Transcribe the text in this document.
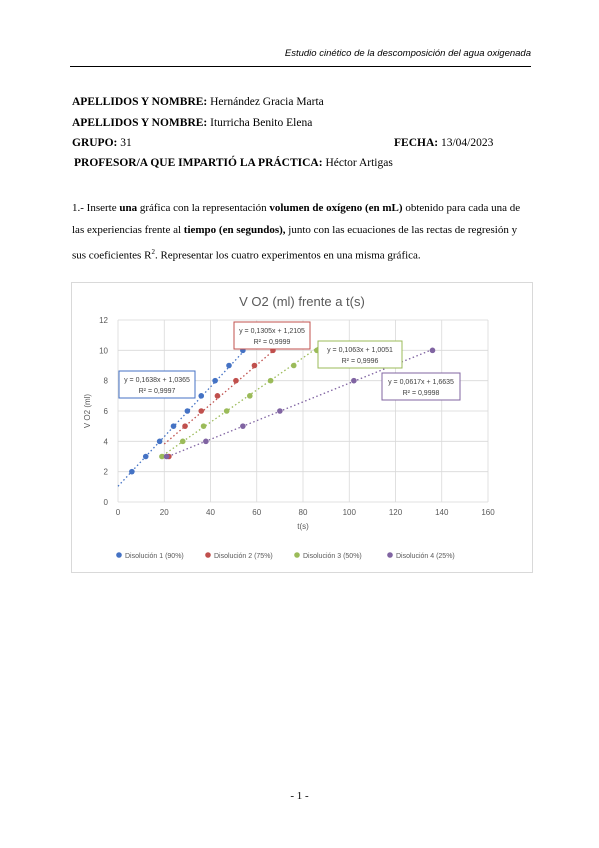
Estudio cinético de la descomposición del agua oxigenada
APELLIDOS Y NOMBRE: Hernández Gracia Marta
APELLIDOS Y NOMBRE: Iturricha Benito Elena
GRUPO: 31	FECHA: 13/04/2023
PROFESOR/A QUE IMPARTIÓ LA PRÁCTICA: Héctor Artigas
1.- Inserte una gráfica con la representación volumen de oxígeno (en mL) obtenido para cada una de las experiencias frente al tiempo (en segundos), junto con las ecuaciones de las rectas de regresión y sus coeficientes $R^2$. Representar los cuatro experimentos en una misma gráfica.
V O2 (ml) frente a t(s)
0
2
4
6
8
10
12
0	20	40	60	80	100	120	140	160
t(s)
V O2 (ml)
y = 0,1638x + 1,0365
R² = 0,9997
y = 0,1305x + 1,2105
R² = 0,9999
y = 0,1063x + 1,0051
R² = 0,9996
y = 0,0617x + 1,6635
R² = 0,9998
Disolución 1 (90%)	Disolución 2 (75%)	Disolución 3 (50%)	Disolución 4 (25%)
- 1 -
